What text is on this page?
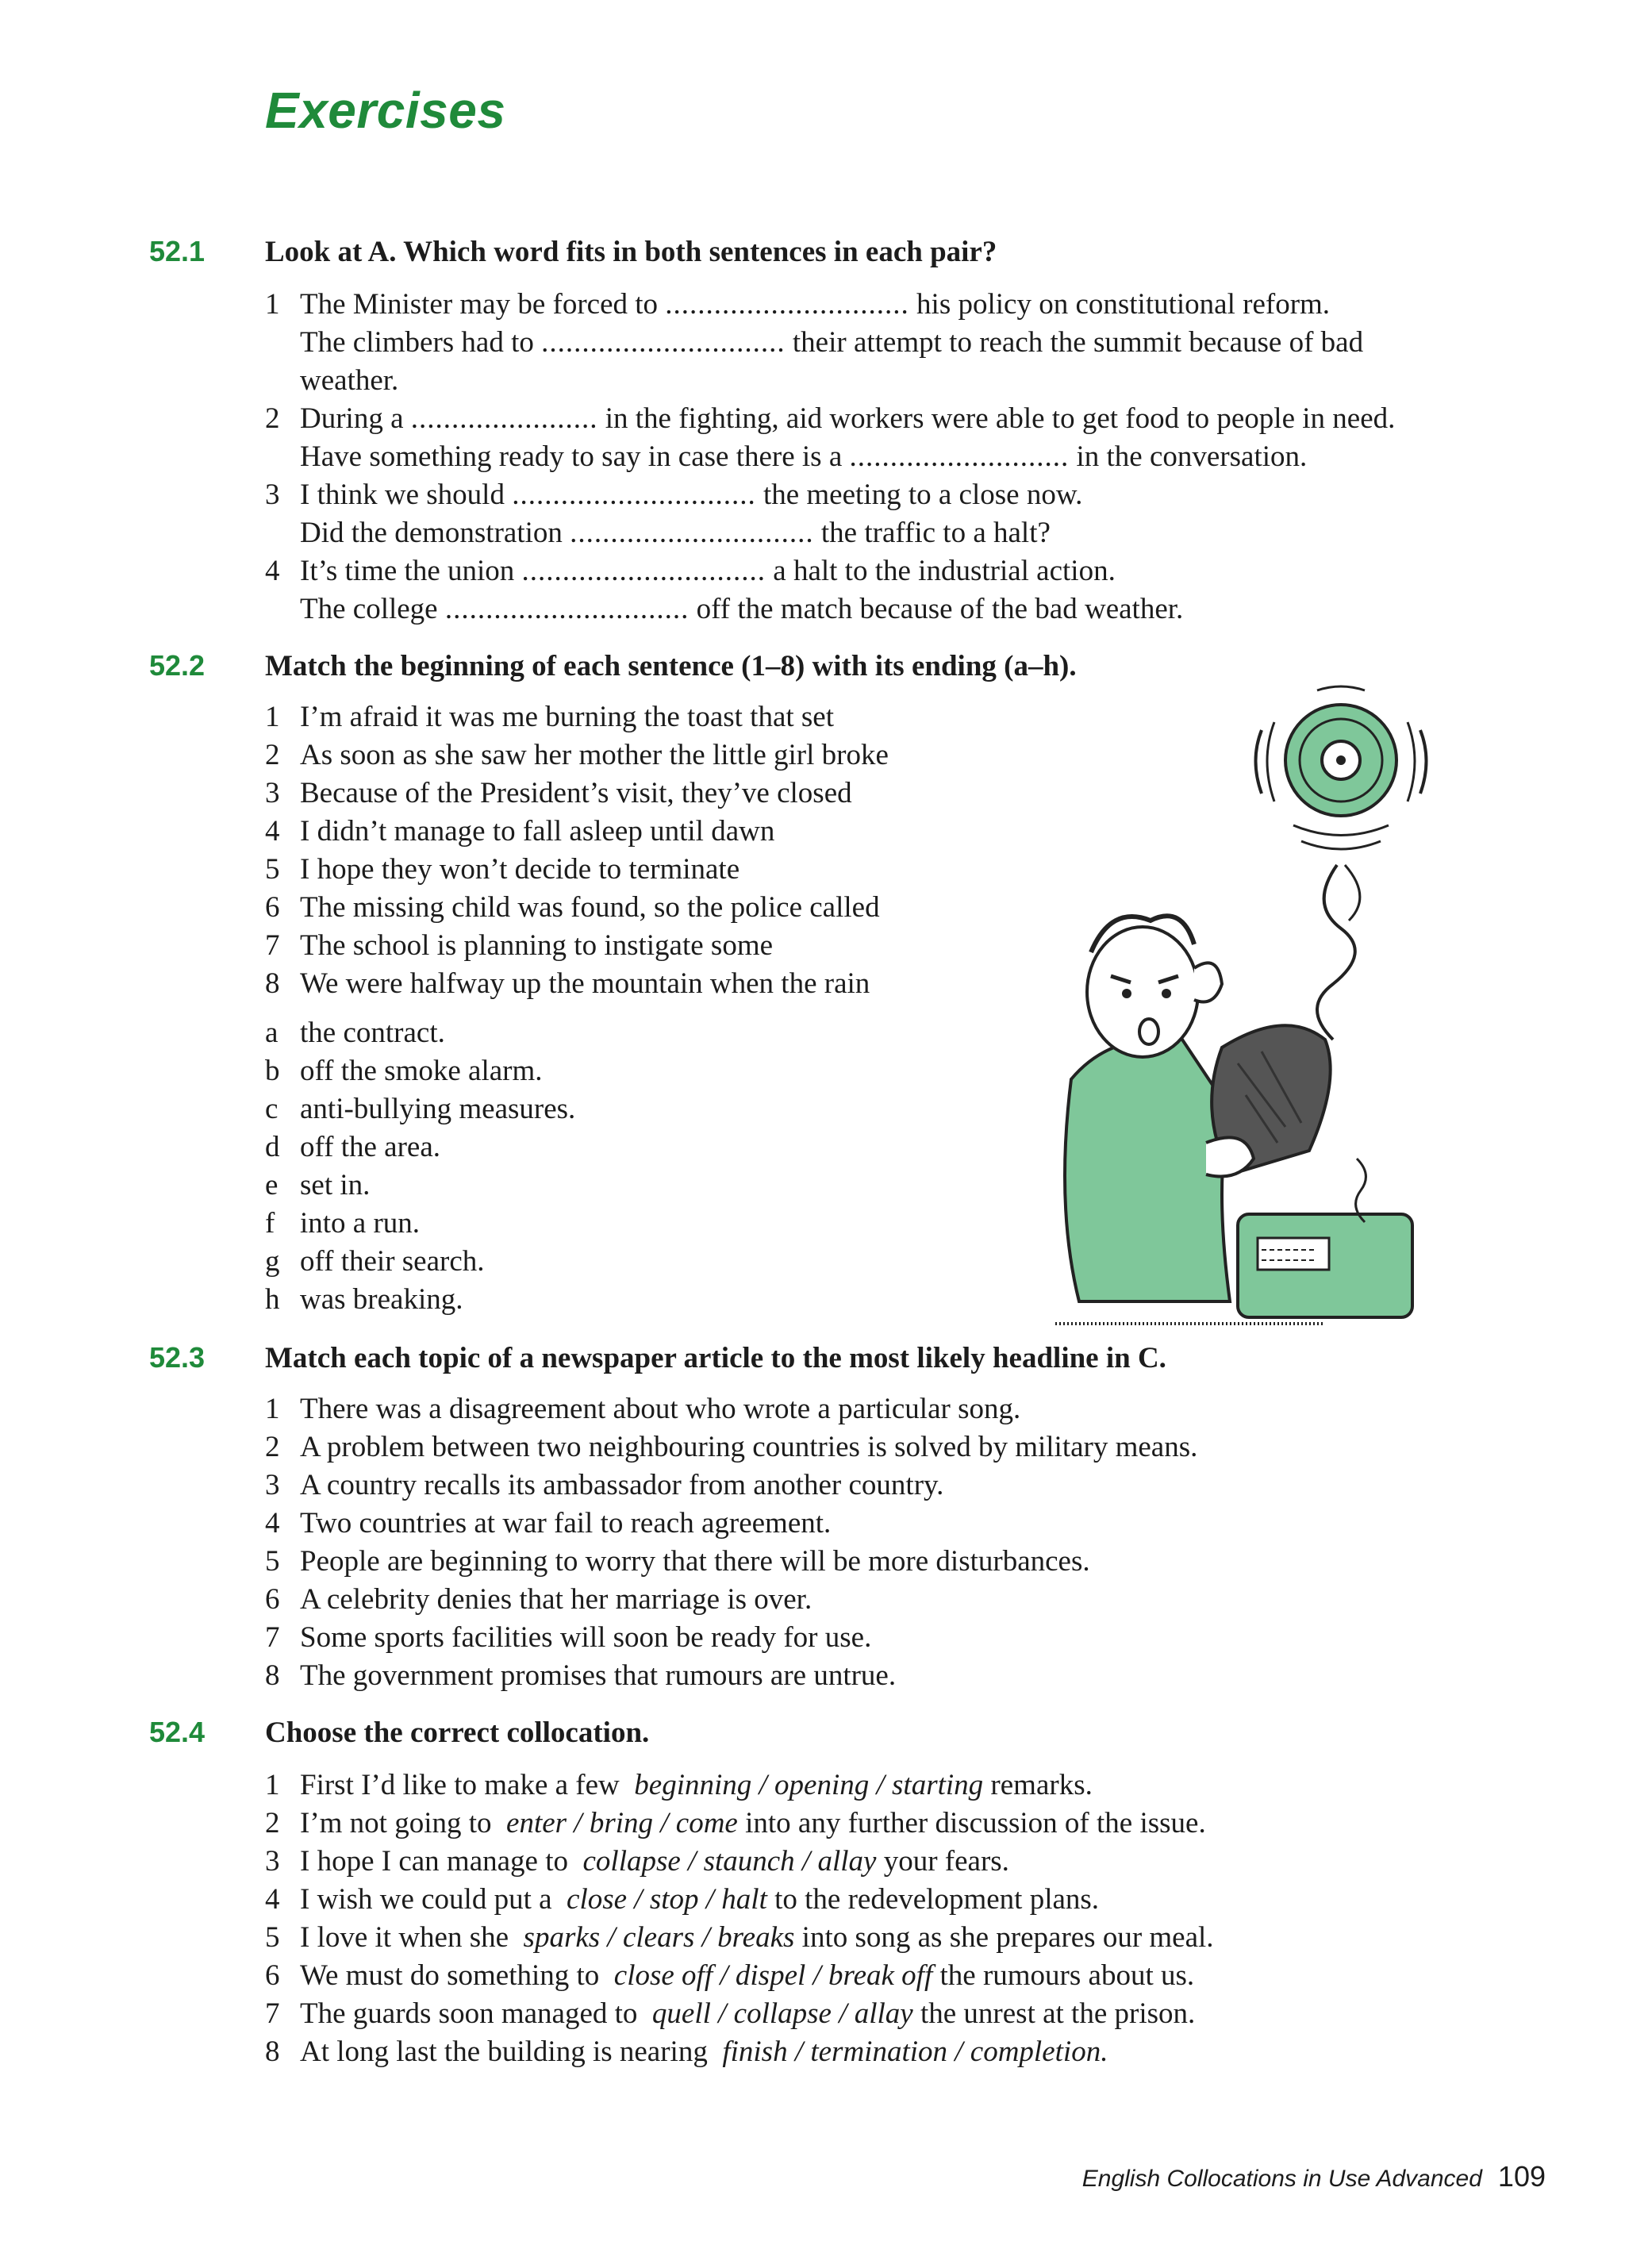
Exercises
52.1 Look at A. Which word fits in both sentences in each pair?
1 The Minister may be forced to .............................. his policy on constitutional reform.
The climbers had to .............................. their attempt to reach the summit because of bad
weather.
2 During a ....................... in the fighting, aid workers were able to get food to people in need.
Have something ready to say in case there is a ........................... in the conversation.
3 I think we should .............................. the meeting to a close now.
Did the demonstration .............................. the traffic to a halt?
4 It’s time the union .............................. a halt to the industrial action.
The college .............................. off the match because of the bad weather.
52.2 Match the beginning of each sentence (1–8) with its ending (a–h).
1 I’m afraid it was me burning the toast that set
2 As soon as she saw her mother the little girl broke
3 Because of the President’s visit, they’ve closed
4 I didn’t manage to fall asleep until dawn
5 I hope they won’t decide to terminate
6 The missing child was found, so the police called
7 The school is planning to instigate some
8 We were halfway up the mountain when the rain
a the contract.
b off the smoke alarm.
c anti-bullying measures.
d off the area.
e set in.
f into a run.
g off their search.
h was breaking.
52.3 Match each topic of a newspaper article to the most likely headline in C.
1 There was a disagreement about who wrote a particular song.
2 A problem between two neighbouring countries is solved by military means.
3 A country recalls its ambassador from another country.
4 Two countries at war fail to reach agreement.
5 People are beginning to worry that there will be more disturbances.
6 A celebrity denies that her marriage is over.
7 Some sports facilities will soon be ready for use.
8 The government promises that rumours are untrue.
52.4 Choose the correct collocation.
1 First I’d like to make a few beginning / opening / starting remarks.
2 I’m not going to enter / bring / come into any further discussion of the issue.
3 I hope I can manage to collapse / staunch / allay your fears.
4 I wish we could put a close / stop / halt to the redevelopment plans.
5 I love it when she sparks / clears / breaks into song as she prepares our meal.
6 We must do something to close off / dispel / break off the rumours about us.
7 The guards soon managed to quell / collapse / allay the unrest at the prison.
8 At long last the building is nearing finish / termination / completion.
English Collocations in Use Advanced 109
